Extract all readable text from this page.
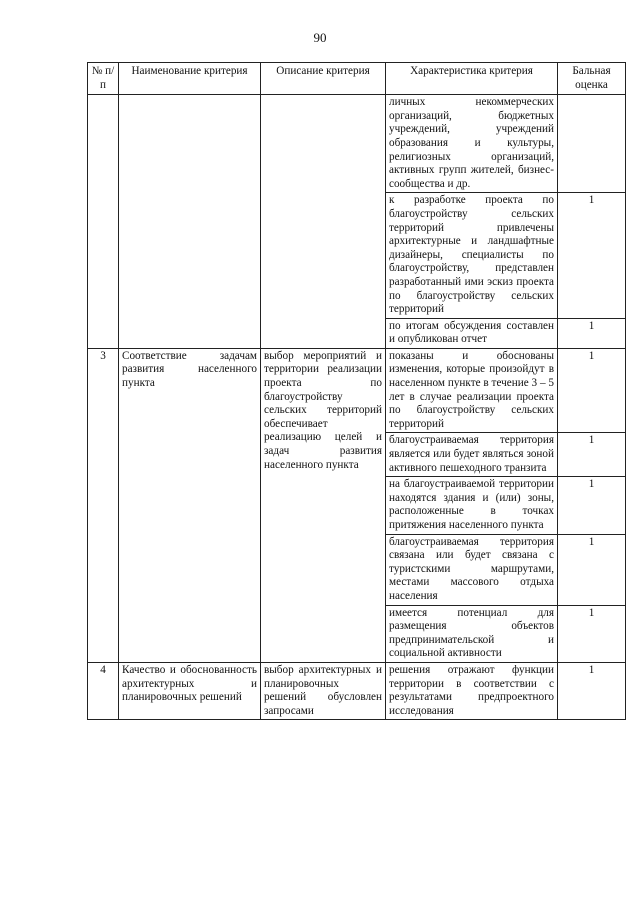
90
№ п/п	Наименование критерия	Описание критерия	Характеристика критерия	Бальная оценка
			личных некоммерческих организаций, бюджетных учреждений, учреждений образования и культуры, религиозных организаций, активных групп жителей, бизнес-сообщества и др.	
			к разработке проекта по благоустройству сельских территорий привлечены архитектурные и ландшафтные дизайнеры, специалисты по благоустройству, представлен разработанный ими эскиз проекта по благоустройству сельских территорий	1
			по итогам обсуждения составлен и опубликован отчет	1
3	Соответствие задачам развития населенного пункта	выбор мероприятий и территории реализации проекта по благоустройству сельских территорий обеспечивает реализацию целей и задач развития населенного пункта	показаны и обоснованы изменения, которые произойдут в населенном пункте в течение 3 – 5 лет в случае реализации проекта по благоустройству сельских территорий	1
			благоустраиваемая территория является или будет являться зоной активного пешеходного транзита	1
			на благоустраиваемой территории находятся здания и (или) зоны, расположенные в точках притяжения населенного пункта	1
			благоустраиваемая территория связана или будет связана с туристскими маршрутами, местами массового отдыха населения	1
			имеется потенциал для размещения объектов предпринимательской и социальной активности	1
4	Качество и обоснованность архитектурных и планировочных решений	выбор архитектурных и планировочных решений обусловлен запросами	решения отражают функции территории в соответствии с результатами предпроектного исследования	1
